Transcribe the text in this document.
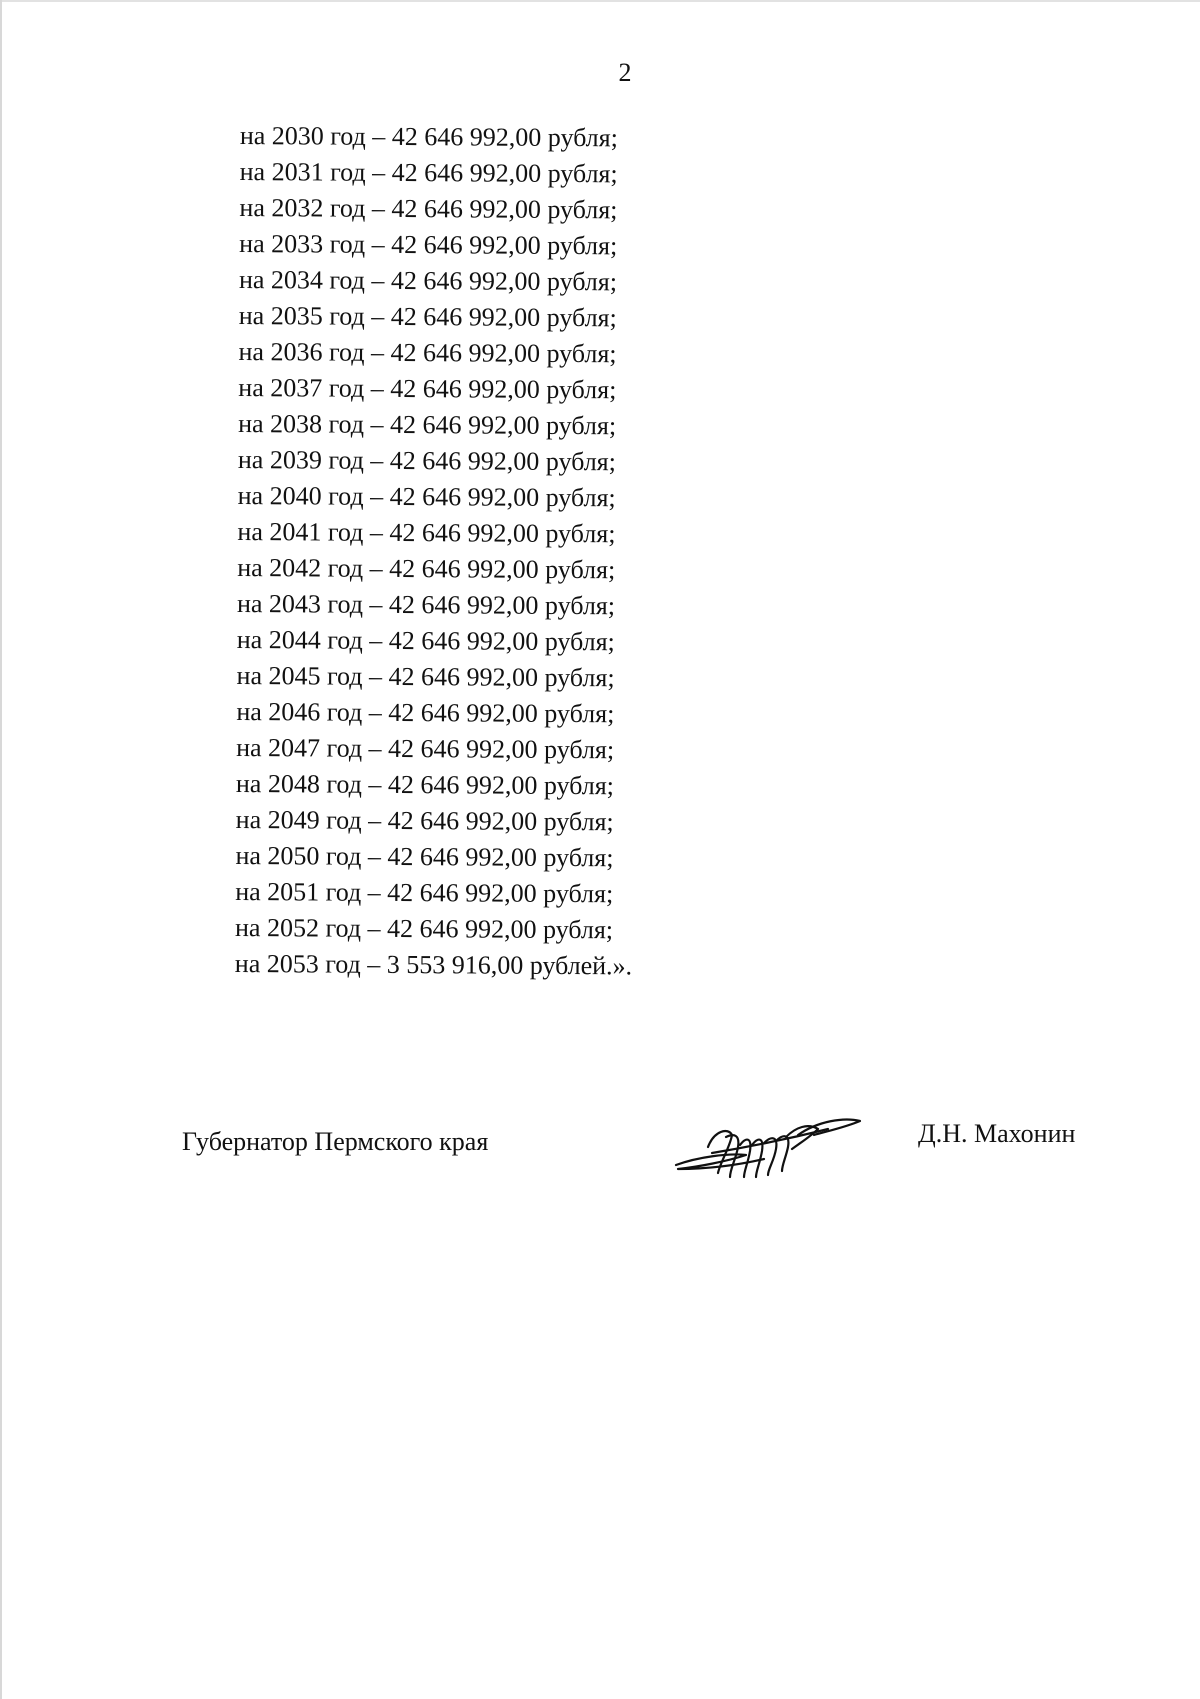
2
на 2030 год – 42 646 992,00 рубля;
на 2031 год – 42 646 992,00 рубля;
на 2032 год – 42 646 992,00 рубля;
на 2033 год – 42 646 992,00 рубля;
на 2034 год – 42 646 992,00 рубля;
на 2035 год – 42 646 992,00 рубля;
на 2036 год – 42 646 992,00 рубля;
на 2037 год – 42 646 992,00 рубля;
на 2038 год – 42 646 992,00 рубля;
на 2039 год – 42 646 992,00 рубля;
на 2040 год – 42 646 992,00 рубля;
на 2041 год – 42 646 992,00 рубля;
на 2042 год – 42 646 992,00 рубля;
на 2043 год – 42 646 992,00 рубля;
на 2044 год – 42 646 992,00 рубля;
на 2045 год – 42 646 992,00 рубля;
на 2046 год – 42 646 992,00 рубля;
на 2047 год – 42 646 992,00 рубля;
на 2048 год – 42 646 992,00 рубля;
на 2049 год – 42 646 992,00 рубля;
на 2050 год – 42 646 992,00 рубля;
на 2051 год – 42 646 992,00 рубля;
на 2052 год – 42 646 992,00 рубля;
на 2053 год – 3 553 916,00 рублей.».
Губернатор Пермского края	Д.Н. Махонин
